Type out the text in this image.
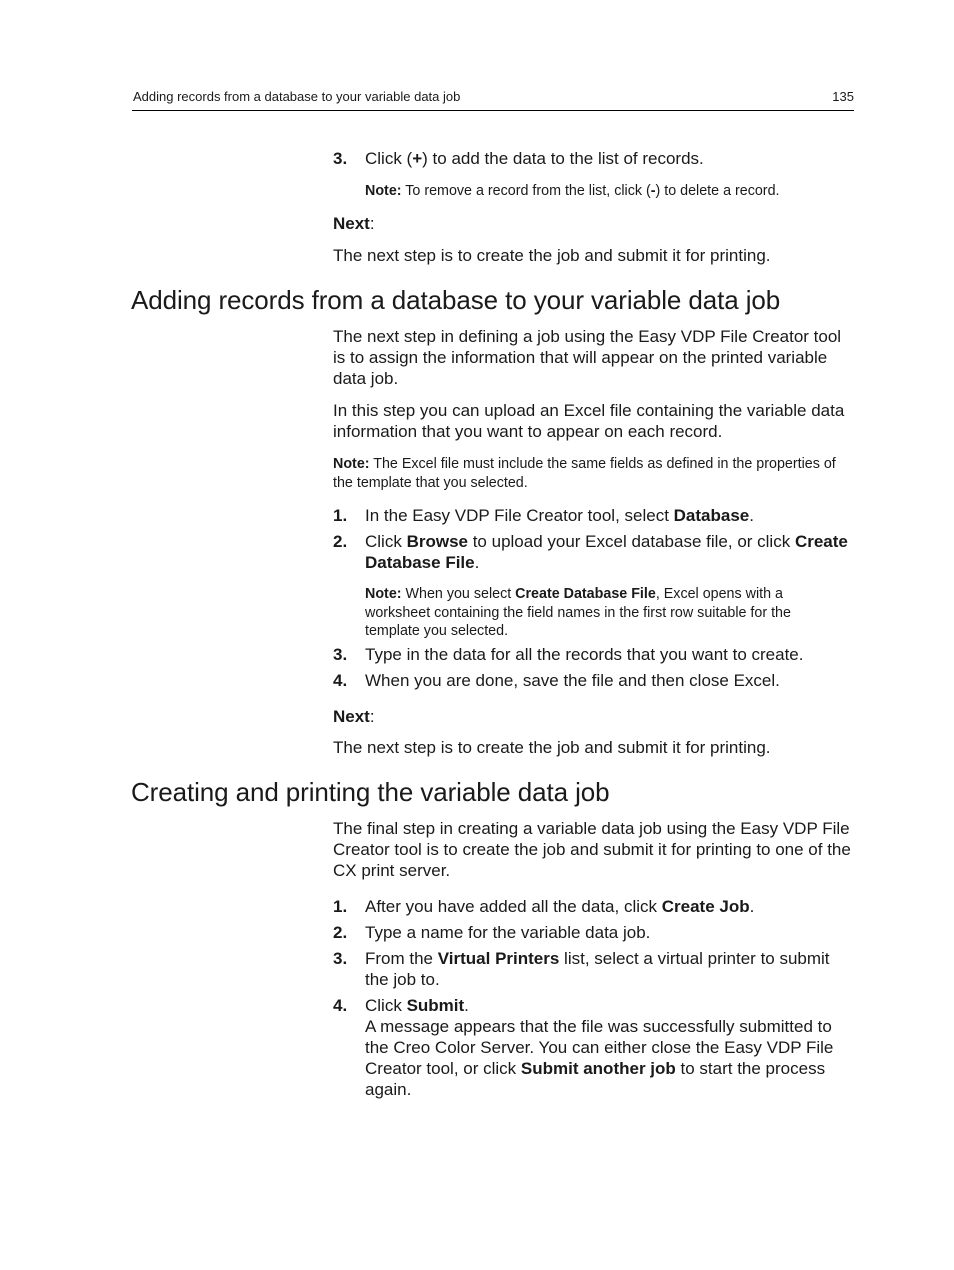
Adding records from a database to your variable data job	135
3. Click (+) to add the data to the list of records.
Note: To remove a record from the list, click (-) to delete a record.
Next:
The next step is to create the job and submit it for printing.
Adding records from a database to your variable data job
The next step in defining a job using the Easy VDP File Creator tool is to assign the information that will appear on the printed variable data job.
In this step you can upload an Excel file containing the variable data information that you want to appear on each record.
Note: The Excel file must include the same fields as defined in the properties of the template that you selected.
1. In the Easy VDP File Creator tool, select Database.
2. Click Browse to upload your Excel database file, or click Create Database File.
Note: When you select Create Database File, Excel opens with a worksheet containing the field names in the first row suitable for the template you selected.
3. Type in the data for all the records that you want to create.
4. When you are done, save the file and then close Excel.
Next:
The next step is to create the job and submit it for printing.
Creating and printing the variable data job
The final step in creating a variable data job using the Easy VDP File Creator tool is to create the job and submit it for printing to one of the CX print server.
1. After you have added all the data, click Create Job.
2. Type a name for the variable data job.
3. From the Virtual Printers list, select a virtual printer to submit the job to.
4. Click Submit.
A message appears that the file was successfully submitted to the Creo Color Server. You can either close the Easy VDP File Creator tool, or click Submit another job to start the process again.
